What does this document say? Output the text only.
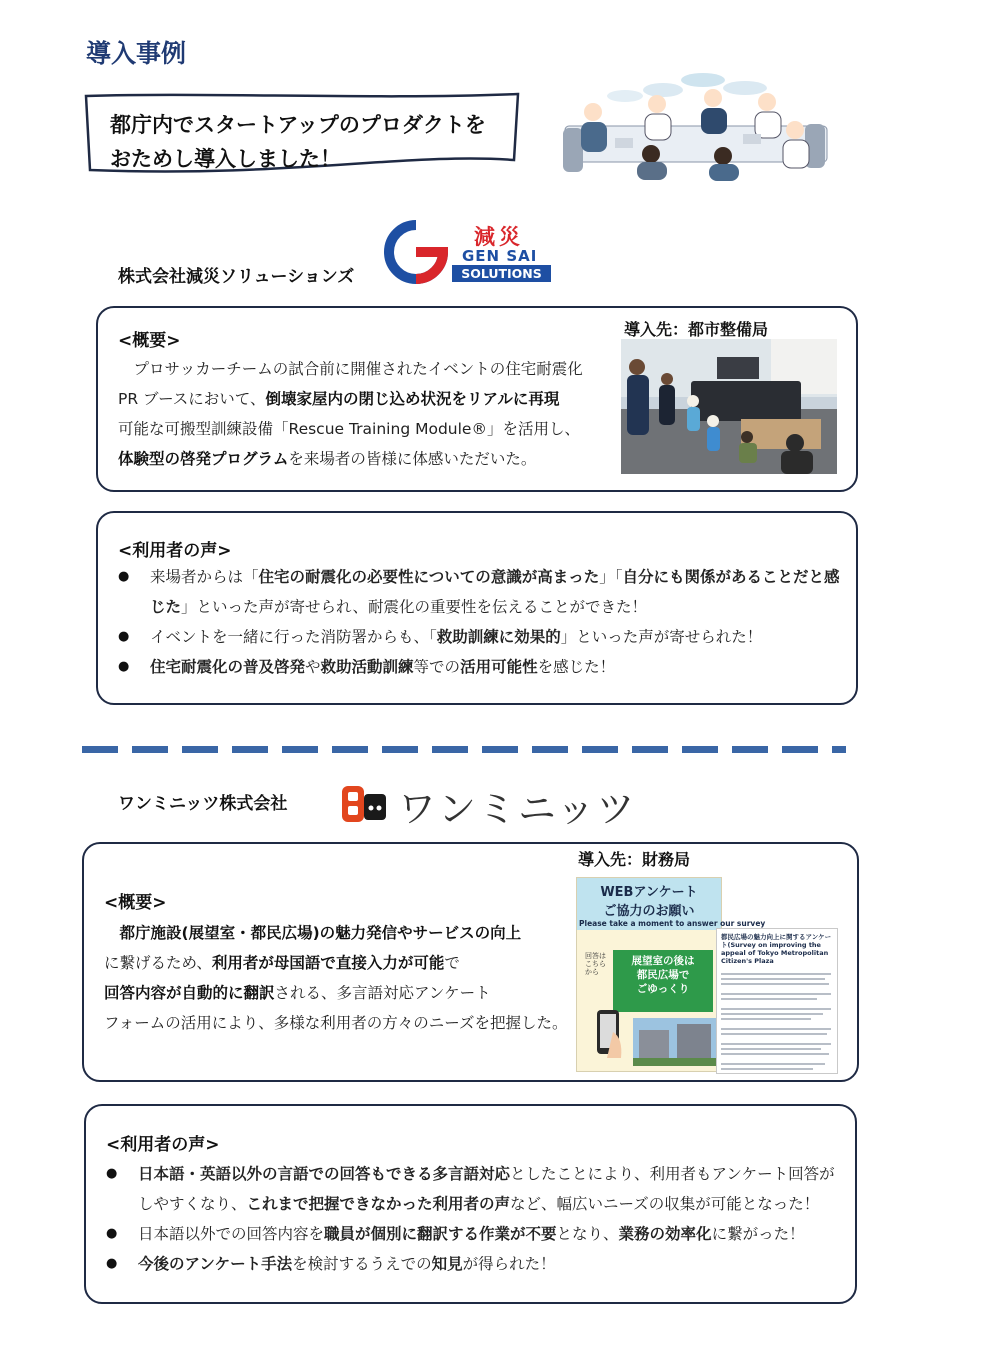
導入事例
都庁内でスタートアップのプロダクトを
おためし導入しました！
株式会社減災ソリューションズ
減災
GEN SAI
SOLUTIONS
<概要>
　プロサッカーチームの試合前に開催されたイベントの住宅耐震化
PR ブースにおいて、倒壊家屋内の閉じ込め状況をリアルに再現
可能な可搬型訓練設備「Rescue Training Module®」を活用し、
体験型の啓発プログラムを来場者の皆様に体感いただいた。
導入先：都市整備局
<利用者の声>
● 来場者からは「住宅の耐震化の必要性についての意識が高まった」「自分にも関係があることだと感じた」といった声が寄せられ、耐震化の重要性を伝えることができた！
● イベントを一緒に行った消防署からも、「救助訓練に効果的」といった声が寄せられた！
● 住宅耐震化の普及啓発や救助活動訓練等での活用可能性を感じた！
ワンミニッツ株式会社	ワンミニッツ
<概要>
　都庁施設(展望室・都民広場)の魅力発信やサービスの向上
に繋げるため、利用者が母国語で直接入力が可能で
回答内容が自動的に翻訳される、多言語対応アンケート
フォームの活用により、多様な利用者の方々のニーズを把握した。
導入先：財務局
WEBアンケート
ご協力のお願い
Please take a moment to answer our survey
回答はこちらから
展望室の後は
都民広場で
ごゆっくり
都民広場の魅力向上に関するアンケート(Survey on improving the appeal of Tokyo Metropolitan Citizen's Plaza
<利用者の声>
● 日本語・英語以外の言語での回答もできる多言語対応としたことにより、利用者もアンケート回答がしやすくなり、これまで把握できなかった利用者の声など、幅広いニーズの収集が可能となった！
● 日本語以外での回答内容を職員が個別に翻訳する作業が不要となり、業務の効率化に繋がった！
● 今後のアンケート手法を検討するうえでの知見が得られた！
